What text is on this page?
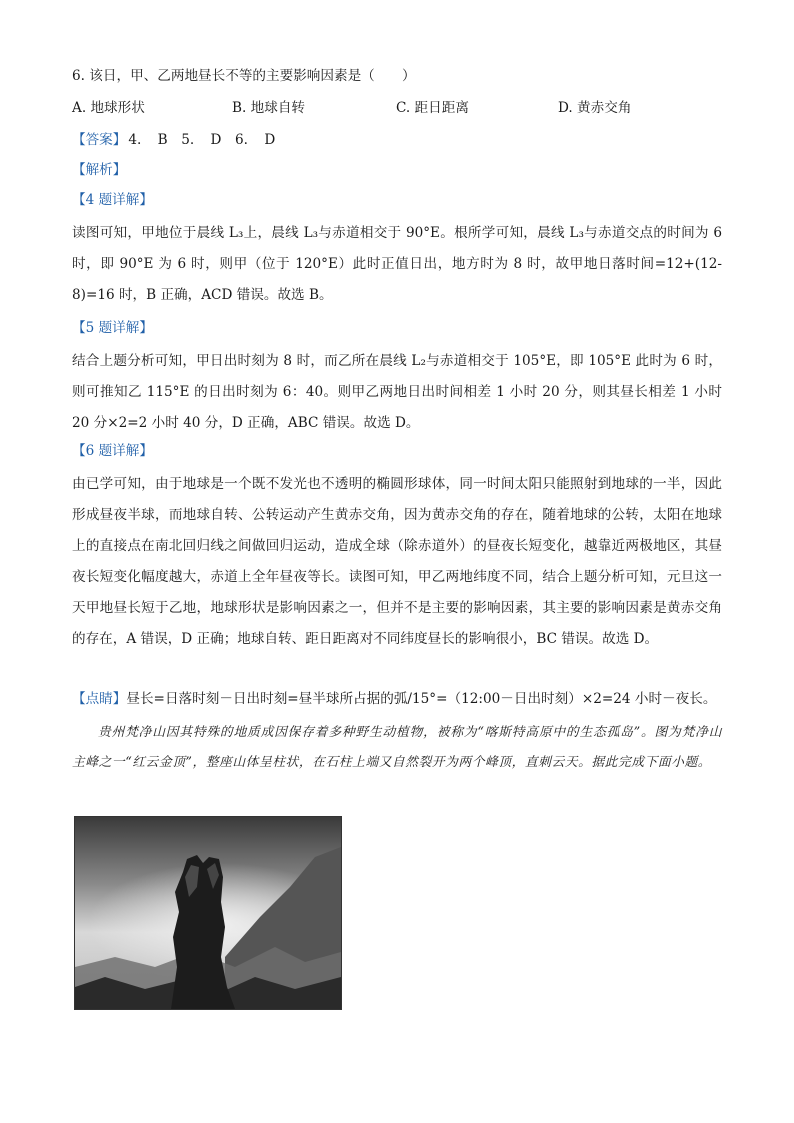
6. 该日，甲、乙两地昼长不等的主要影响因素是（　　）
A. 地球形状	B. 地球自转	C. 距日距离	D. 黄赤交角
【答案】 4. B　5. D　6. D
【解析】
【4 题详解】
读图可知，甲地位于晨线 L₃上，晨线 L₃与赤道相交于 90°E。根所学可知，晨线 L₃与赤道交点的时间为 6 时，即 90°E 为 6 时，则甲（位于 120°E）此时正值日出，地方时为 8 时，故甲地日落时间=12+(12-8)=16 时，B 正确，ACD 错误。故选 B。
【5 题详解】
结合上题分析可知，甲日出时刻为 8 时，而乙所在晨线 L₂与赤道相交于 105°E，即 105°E 此时为 6 时，则可推知乙 115°E 的日出时刻为 6：40。则甲乙两地日出时间相差 1 小时 20 分，则其昼长相差 1 小时 20 分×2=2 小时 40 分，D 正确，ABC 错误。故选 D。
【6 题详解】
由已学可知，由于地球是一个既不发光也不透明的椭圆形球体，同一时间太阳只能照射到地球的一半，因此形成昼夜半球，而地球自转、公转运动产生黄赤交角，因为黄赤交角的存在，随着地球的公转，太阳在地球上的直接点在南北回归线之间做回归运动，造成全球（除赤道外）的昼夜长短变化，越靠近两极地区，其昼夜长短变化幅度越大，赤道上全年昼夜等长。读图可知，甲乙两地纬度不同，结合上题分析可知，元旦这一天甲地昼长短于乙地，地球形状是影响因素之一，但并不是主要的影响因素，其主要的影响因素是黄赤交角的存在，A 错误，D 正确；地球自转、距日距离对不同纬度昼长的影响很小，BC 错误。故选 D。
【点睛】昼长=日落时刻－日出时刻=昼半球所占据的弧/15°=（12:00－日出时刻）×2=24 小时－夜长。
贵州梵净山因其特殊的地质成因保存着多种野生动植物，被称为“喀斯特高原中的生态孤岛”。图为梵净山主峰之一“红云金顶”，整座山体呈柱状，在石柱上端又自然裂开为两个峰顶，直刺云天。据此完成下面小题。
